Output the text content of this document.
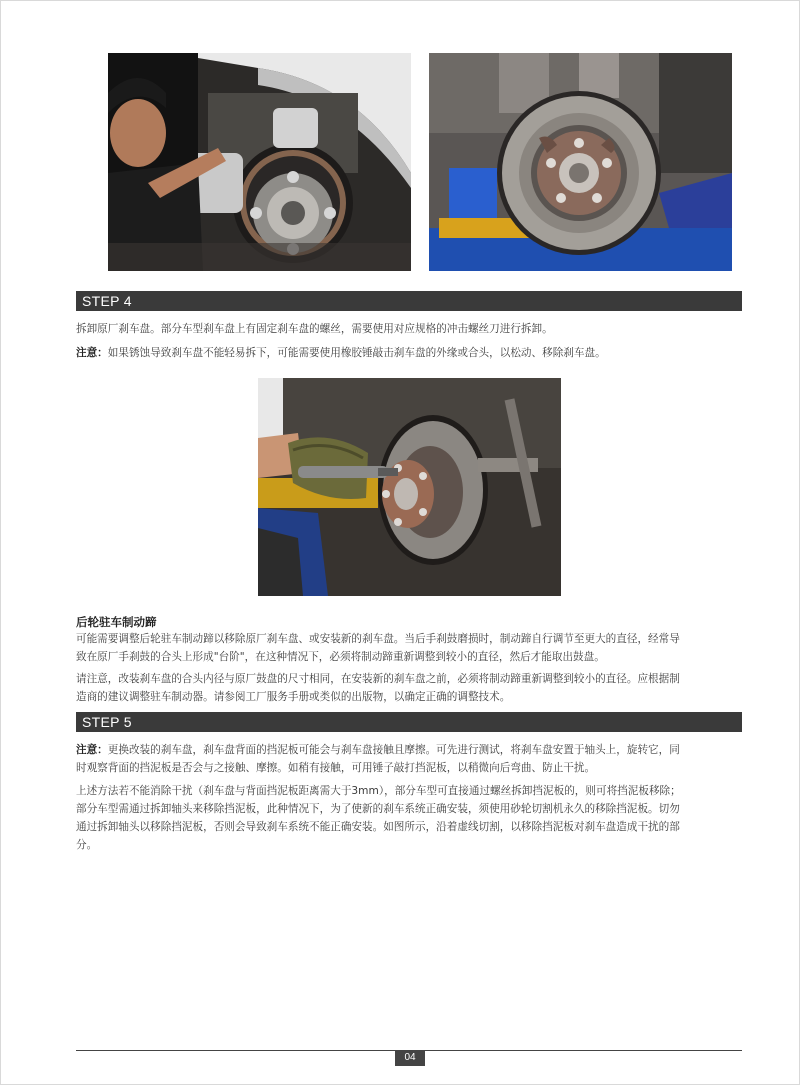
STEP 4

拆卸原厂刹车盘。部分车型刹车盘上有固定刹车盘的螺丝，需要使用对应规格的冲击螺丝刀进行拆卸。

注意：如果锈蚀导致刹车盘不能轻易拆下，可能需要使用橡胶锤敲击刹车盘的外缘或合头，以松动、移除刹车盘。

后轮驻车制动蹄

可能需要调整后轮驻车制动蹄以移除原厂刹车盘、或安装新的刹车盘。当后手刹鼓磨损时，制动蹄自行调节至更大的直径，经常导
致在原厂手刹鼓的合头上形成"台阶"，在这种情况下，必须将制动蹄重新调整到较小的直径，然后才能取出鼓盘。

请注意，改装刹车盘的合头内径与原厂鼓盘的尺寸相同，在安装新的刹车盘之前，必须将制动蹄重新调整到较小的直径。应根据制
造商的建议调整驻车制动器。请参阅工厂服务手册或类似的出版物，以确定正确的调整技术。

STEP 5

注意：更换改装的刹车盘，刹车盘背面的挡泥板可能会与刹车盘接触且摩擦。可先进行测试，将刹车盘安置于轴头上，旋转它，同
时观察背面的挡泥板是否会与之接触、摩擦。如稍有接触，可用锤子敲打挡泥板，以稍微向后弯曲、防止干扰。

上述方法若不能消除干扰（刹车盘与背面挡泥板距离需大于3mm），部分车型可直接通过螺丝拆卸挡泥板的，则可将挡泥板移除；
部分车型需通过拆卸轴头来移除挡泥板，此种情况下，为了使新的刹车系统正确安装，须使用砂轮切割机永久的移除挡泥板。切勿
通过拆卸轴头以移除挡泥板，否则会导致刹车系统不能正确安装。如图所示，沿着虚线切割，以移除挡泥板对刹车盘造成干扰的部
分。

04
